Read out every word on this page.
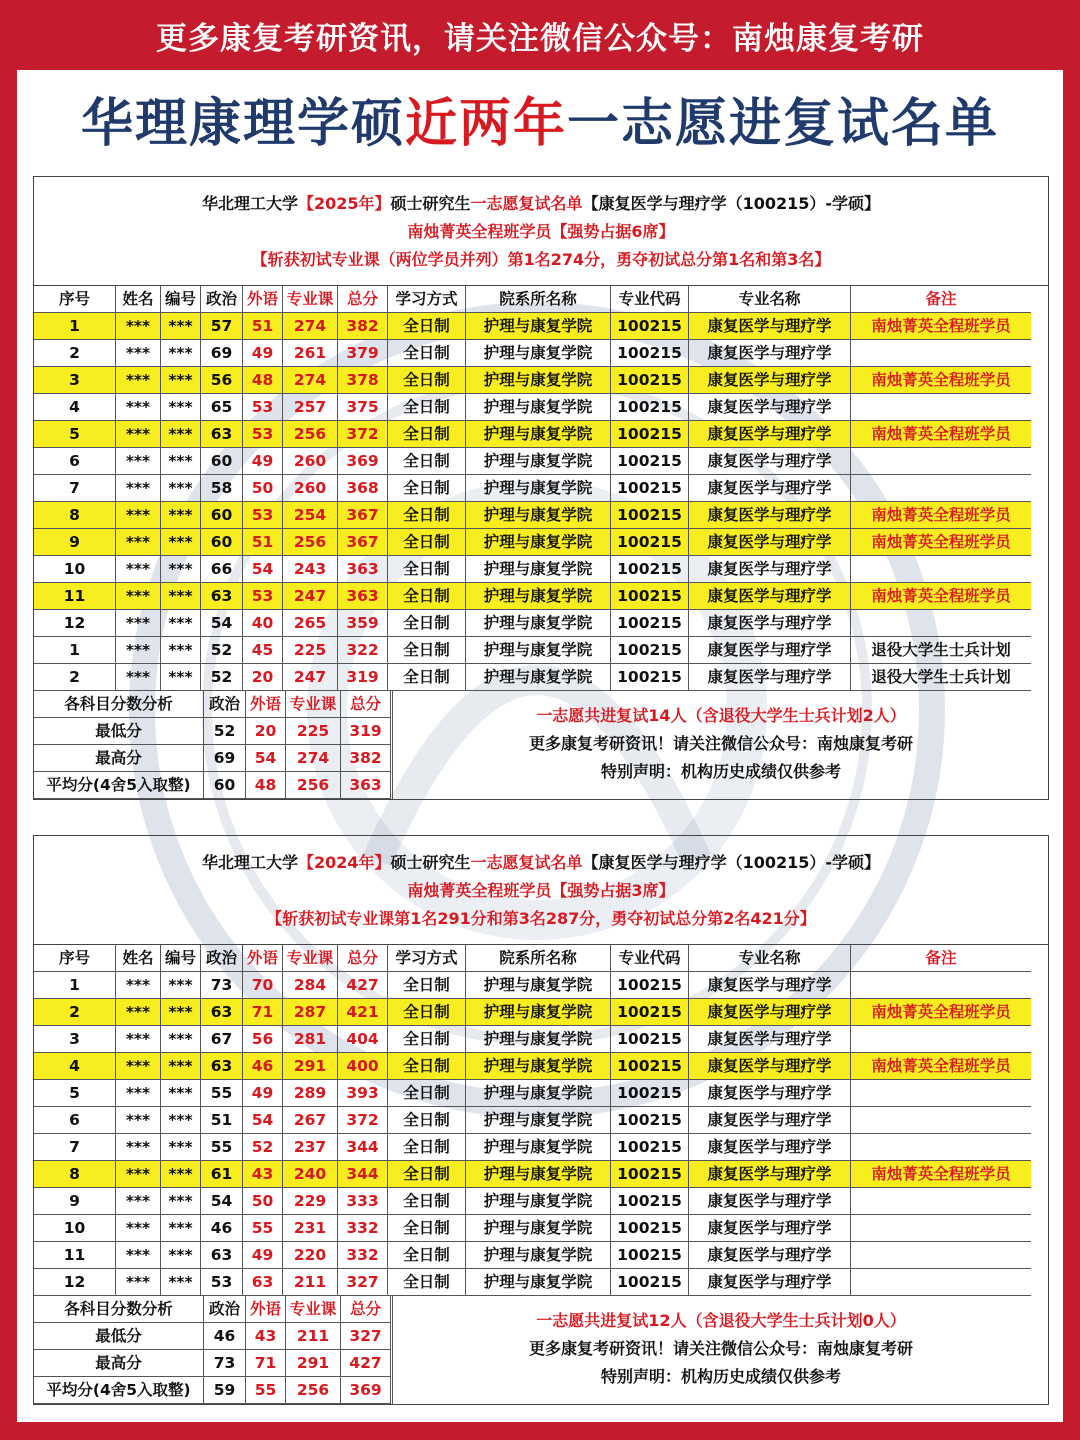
更多康复考研资讯，请关注微信公众号：南烛康复考研
华理康理学硕近两年一志愿进复试名单
华北理工大学【2025年】硕士研究生一志愿复试名单【康复医学与理疗学（100215）-学硕】
南烛菁英全程班学员【强势占据6席】
【斩获初试专业课（两位学员并列）第1名274分，勇夺初试总分第1名和第3名】
序号	姓名 编号 政治 外语 专业课 总分	学习方式	院系所名称	专业代码	专业名称	备注
1	***	***	57	51	274	382	全日制	护理与康复学院	100215	康复医学与理疗学	南烛菁英全程班学员
2	***	***	69	49	261	379	全日制	护理与康复学院	100215	康复医学与理疗学
3	***	***	56	48	274	378	全日制	护理与康复学院	100215	康复医学与理疗学	南烛菁英全程班学员
4	***	***	65	53	257	375	全日制	护理与康复学院	100215	康复医学与理疗学
5	***	***	63	53	256	372	全日制	护理与康复学院	100215	康复医学与理疗学	南烛菁英全程班学员
6	***	***	60	49	260	369	全日制	护理与康复学院	100215	康复医学与理疗学
7	***	***	58	50	260	368	全日制	护理与康复学院	100215	康复医学与理疗学
8	***	***	60	53	254	367	全日制	护理与康复学院	100215	康复医学与理疗学	南烛菁英全程班学员
9	***	***	60	51	256	367	全日制	护理与康复学院	100215	康复医学与理疗学	南烛菁英全程班学员
10	***	***	66	54	243	363	全日制	护理与康复学院	100215	康复医学与理疗学
11	***	***	63	53	247	363	全日制	护理与康复学院	100215	康复医学与理疗学	南烛菁英全程班学员
12	***	***	54	40	265	359	全日制	护理与康复学院	100215	康复医学与理疗学
1	***	***	52	45	225	322	全日制	护理与康复学院	100215	康复医学与理疗学	退役大学生士兵计划
2	***	***	52	20	247	319	全日制	护理与康复学院	100215	康复医学与理疗学	退役大学生士兵计划
各科目分数分析	政治 外语 专业课 总分
最低分	52	20	225	319
最高分	69	54	274	382
平均分(4舍5入取整)	60	48	256	363
一志愿共进复试14人（含退役大学生士兵计划2人）
更多康复考研资讯！请关注微信公众号：南烛康复考研
特别声明：机构历史成绩仅供参考
华北理工大学【2024年】硕士研究生一志愿复试名单【康复医学与理疗学（100215）-学硕】
南烛菁英全程班学员【强势占据3席】
【斩获初试专业课第1名291分和第3名287分，勇夺初试总分第2名421分】
序号	姓名 编号 政治 外语 专业课 总分	学习方式	院系所名称	专业代码	专业名称	备注
1	***	***	73	70	284	427	全日制	护理与康复学院	100215	康复医学与理疗学
2	***	***	63	71	287	421	全日制	护理与康复学院	100215	康复医学与理疗学	南烛菁英全程班学员
3	***	***	67	56	281	404	全日制	护理与康复学院	100215	康复医学与理疗学
4	***	***	63	46	291	400	全日制	护理与康复学院	100215	康复医学与理疗学	南烛菁英全程班学员
5	***	***	55	49	289	393	全日制	护理与康复学院	100215	康复医学与理疗学
6	***	***	51	54	267	372	全日制	护理与康复学院	100215	康复医学与理疗学
7	***	***	55	52	237	344	全日制	护理与康复学院	100215	康复医学与理疗学
8	***	***	61	43	240	344	全日制	护理与康复学院	100215	康复医学与理疗学	南烛菁英全程班学员
9	***	***	54	50	229	333	全日制	护理与康复学院	100215	康复医学与理疗学
10	***	***	46	55	231	332	全日制	护理与康复学院	100215	康复医学与理疗学
11	***	***	63	49	220	332	全日制	护理与康复学院	100215	康复医学与理疗学
12	***	***	53	63	211	327	全日制	护理与康复学院	100215	康复医学与理疗学
各科目分数分析	政治 外语 专业课 总分
最低分	46	43	211	327
最高分	73	71	291	427
平均分(4舍5入取整)	59	55	256	369
一志愿共进复试12人（含退役大学生士兵计划0人）
更多康复考研资讯！请关注微信公众号：南烛康复考研
特别声明：机构历史成绩仅供参考
